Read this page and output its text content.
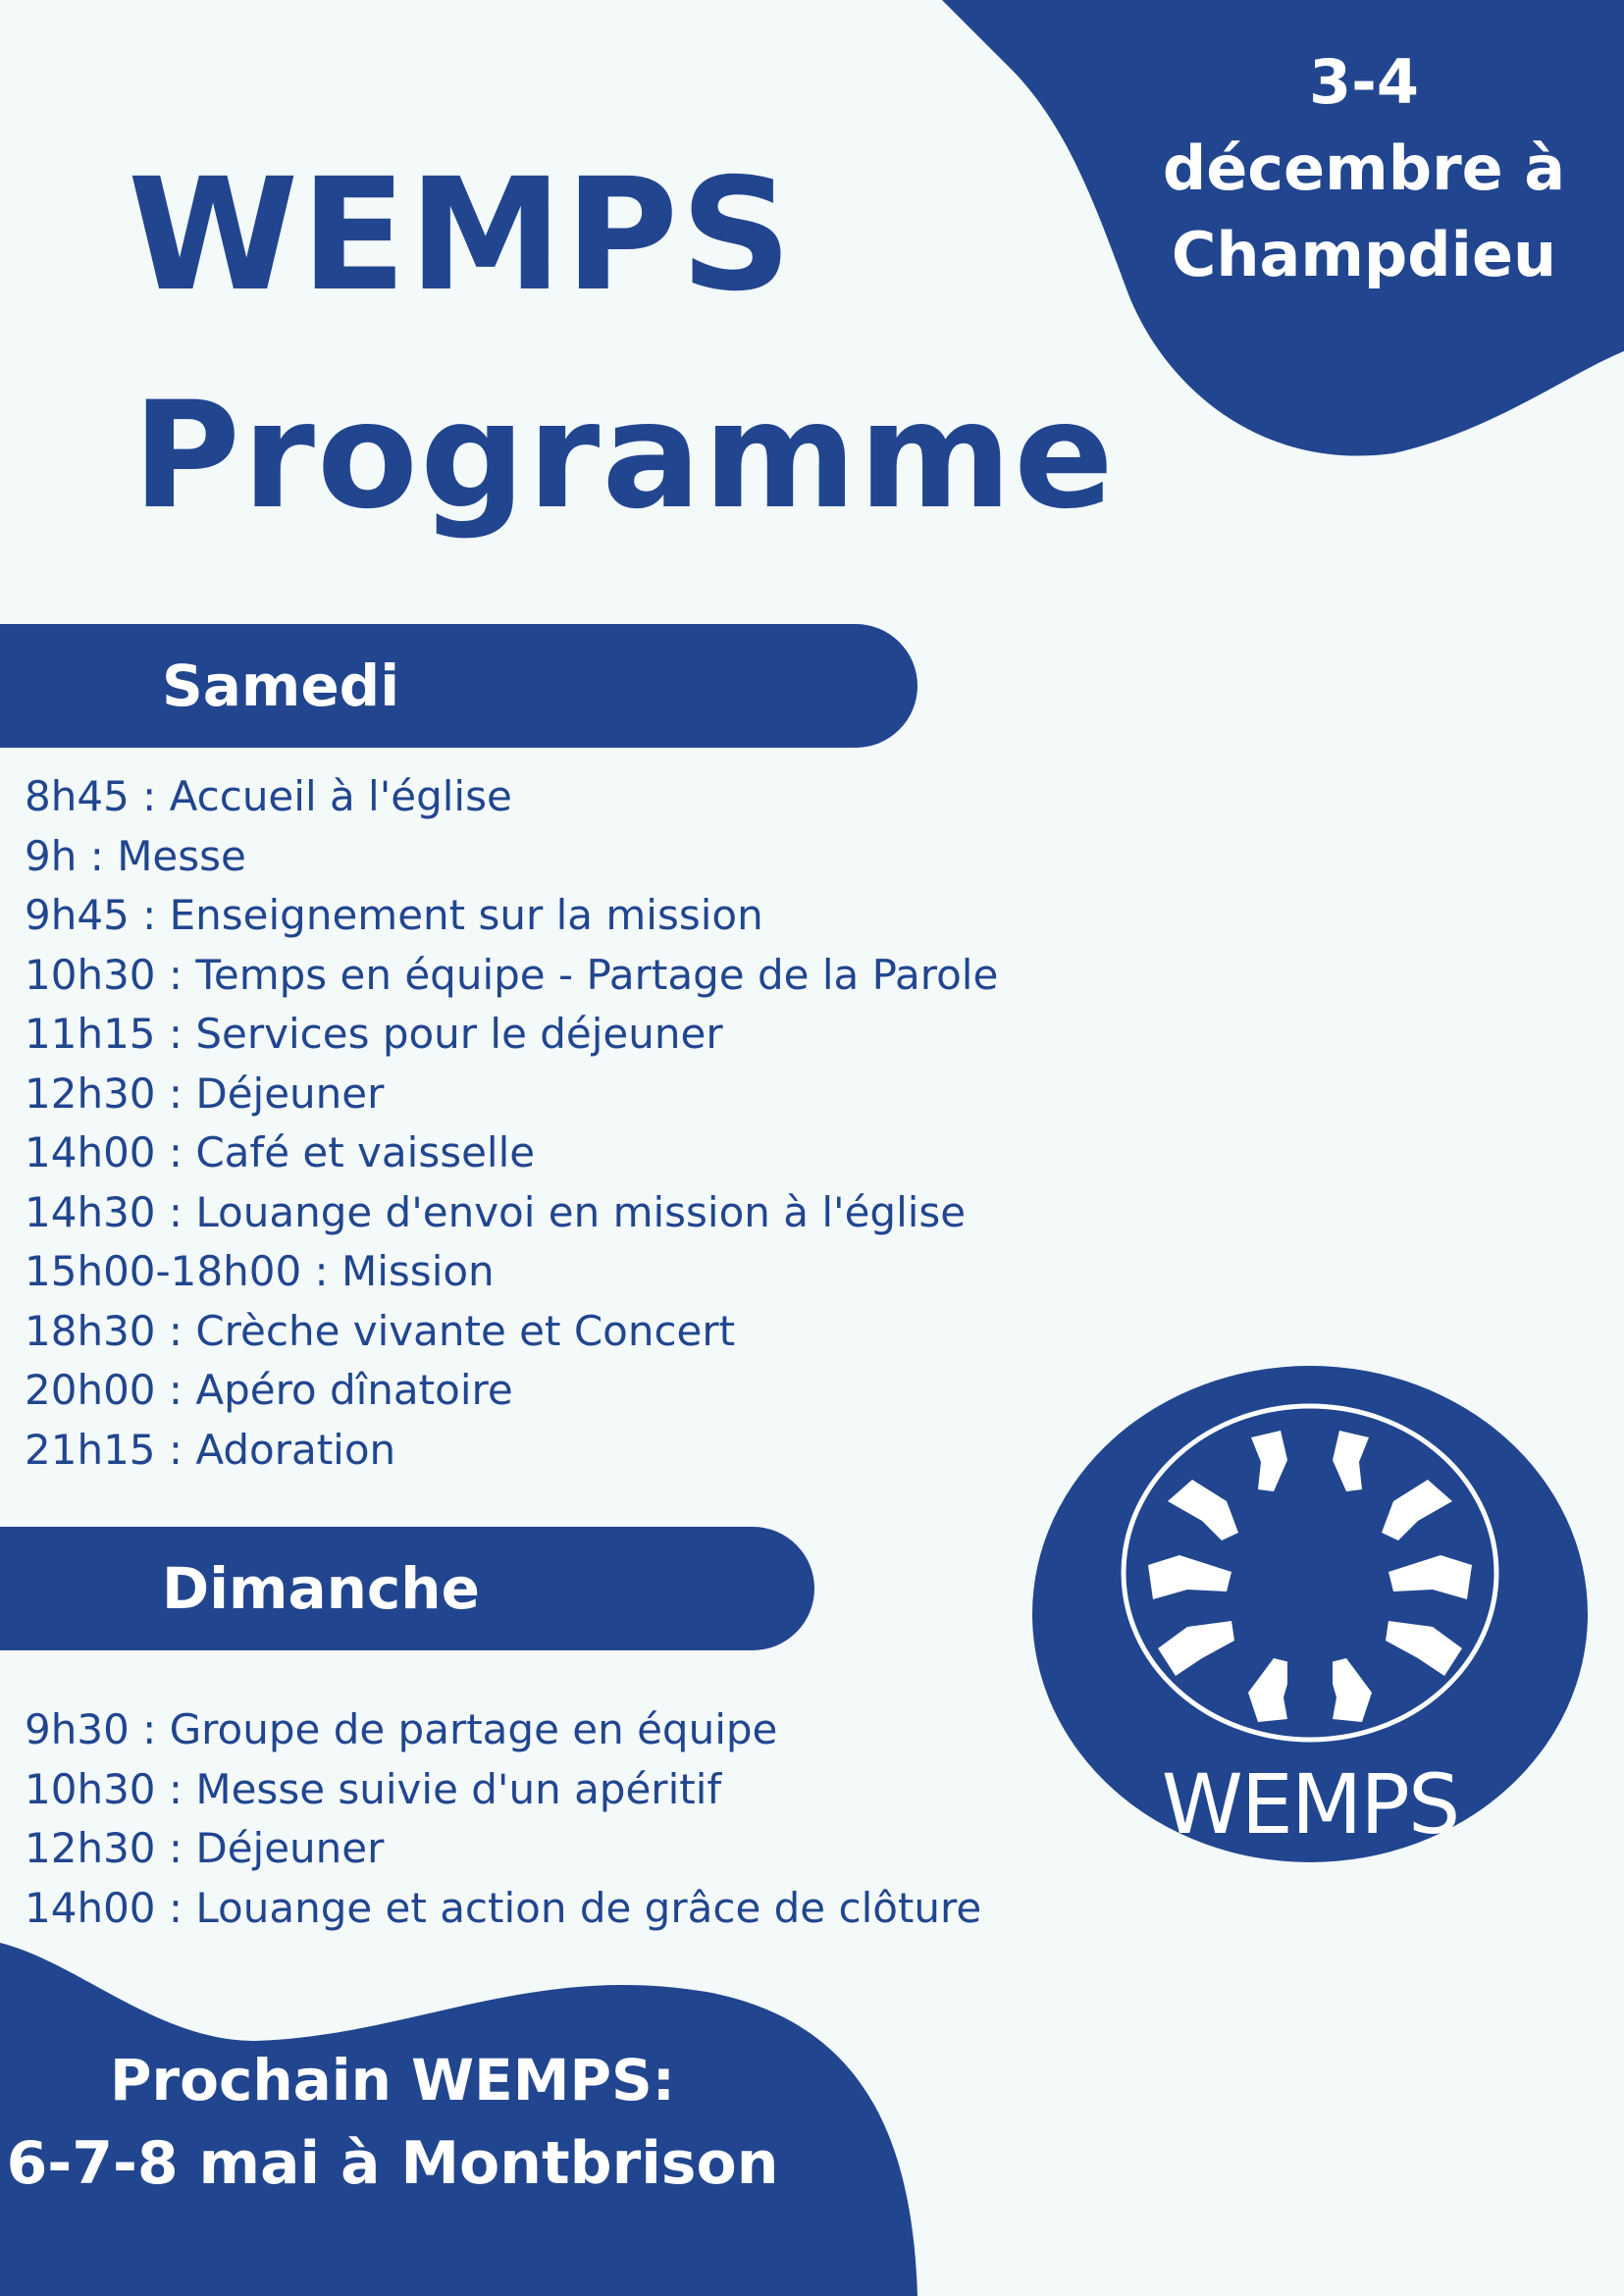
3-4
décembre à
Champdieu
WEMPS
Programme
Samedi
8h45 : Accueil à l'église
9h : Messe
9h45 : Enseignement sur la mission
10h30 : Temps en équipe - Partage de la Parole
11h15 : Services pour le déjeuner
12h30 : Déjeuner
14h00 : Café et vaisselle
14h30 : Louange d'envoi en mission à l'église
15h00-18h00 : Mission
18h30 : Crèche vivante et Concert
20h00 : Apéro dînatoire
21h15 : Adoration
Dimanche
9h30 : Groupe de partage en équipe
10h30 : Messe suivie d'un apéritif
12h30 : Déjeuner
14h00 : Louange et action de grâce de clôture
WEMPS
Prochain WEMPS:
6-7-8 mai à Montbrison
